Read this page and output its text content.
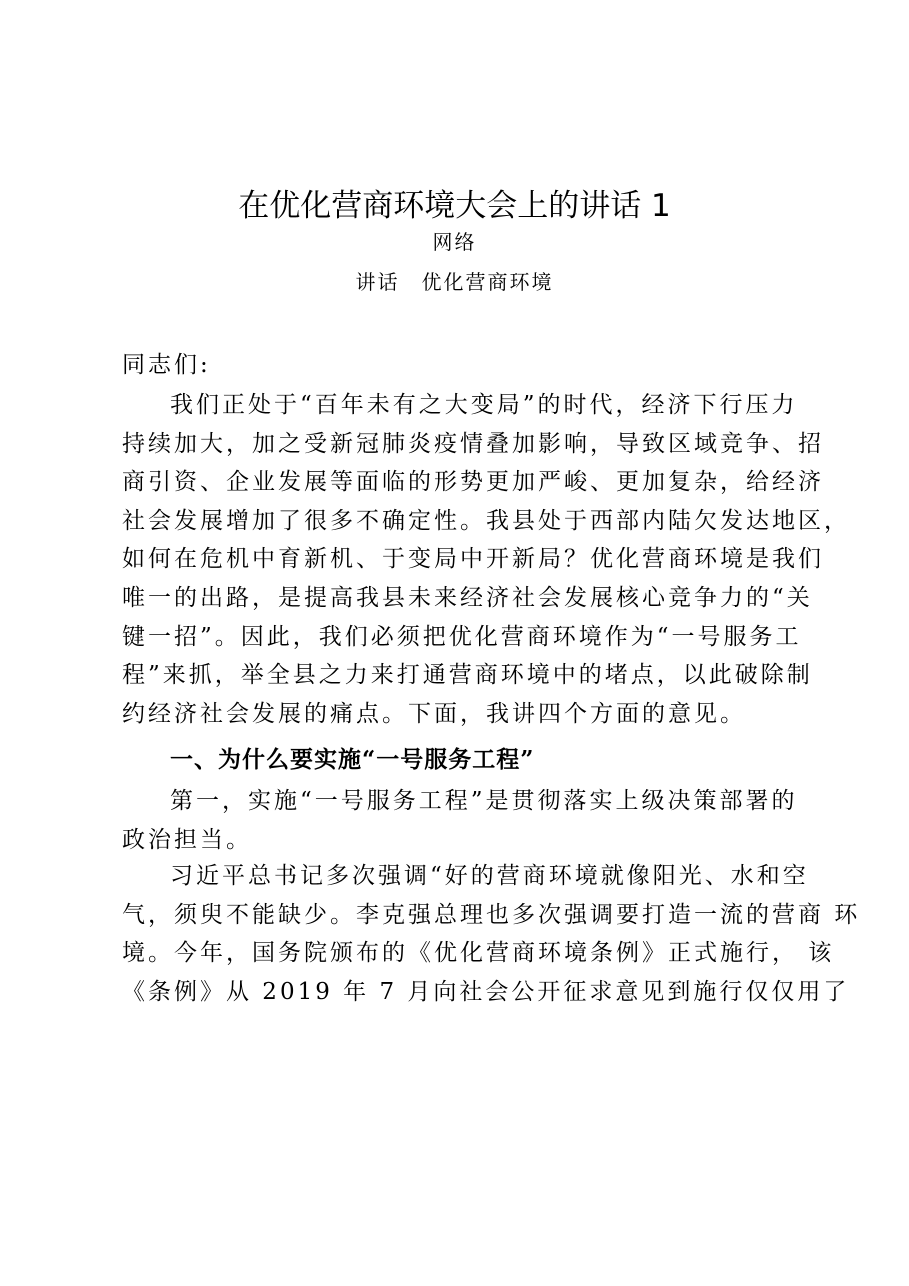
在优化营商环境大会上的讲话 1
网络
讲话 优化营商环境
同志们:
我们正处于“百年未有之大变局”的时代，经济下行压力
持续加大，加之受新冠肺炎疫情叠加影响，导致区域竞争、招
商引资、企业发展等面临的形势更加严峻、更加复杂，给经济
社会发展增加了很多不确定性。我县处于西部内陆欠发达地区，
如何在危机中育新机、于变局中开新局？优化营商环境是我们
唯一的出路，是提高我县未来经济社会发展核心竞争力的“关
键一招”。因此，我们必须把优化营商环境作为“一号服务工
程”来抓，举全县之力来打通营商环境中的堵点，以此破除制
约经济社会发展的痛点。下面，我讲四个方面的意见。
一、为什么要实施“一号服务工程”
第一，实施“一号服务工程”是贯彻落实上级决策部署的
政治担当。
习近平总书记多次强调“好的营商环境就像阳光、水和空
气，须臾不能缺少。李克强总理也多次强调要打造一流的营商 环
境。今年，国务院颁布的《优化营商环境条例》正式施行， 该
《条例》从 2019 年 7 月向社会公开征求意见到施行仅仅用了
